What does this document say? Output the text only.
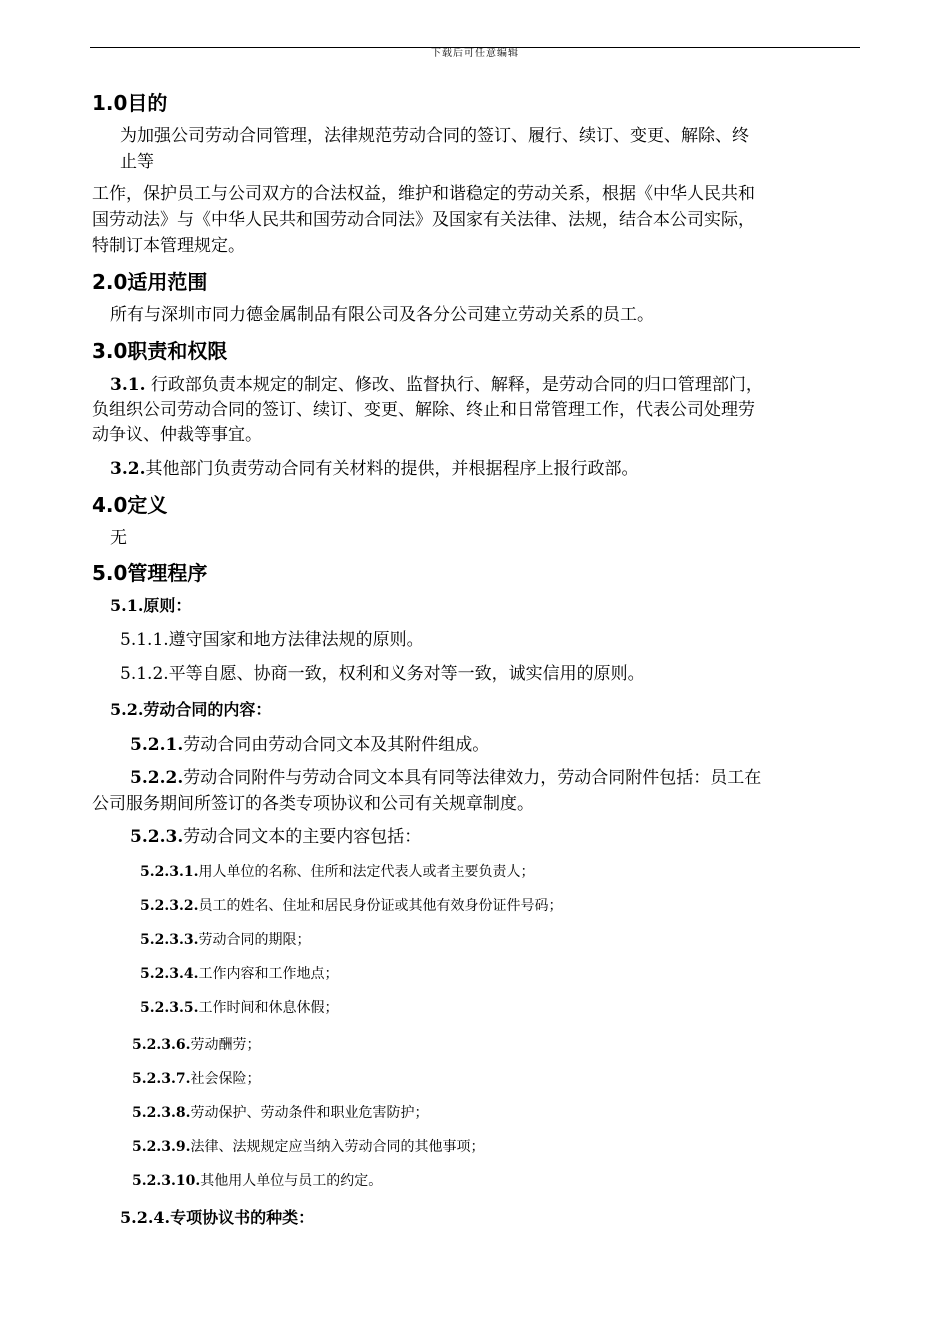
下载后可任意编辑
1.0目的
为加强公司劳动合同管理，法律规范劳动合同的签订、履行、续订、变更、解除、终
止等
工作，保护员工与公司双方的合法权益，维护和谐稳定的劳动关系，根据《中华人民共和
国劳动法》与《中华人民共和国劳动合同法》及国家有关法律、法规，结合本公司实际，
特制订本管理规定。
2.0适用范围
所有与深圳市同力德金属制品有限公司及各分公司建立劳动关系的员工。
3.0职责和权限
3.1. 行政部负责本规定的制定、修改、监督执行、解释，是劳动合同的归口管理部门，
负组织公司劳动合同的签订、续订、变更、解除、终止和日常管理工作，代表公司处理劳
动争议、仲裁等事宜。
3.2.其他部门负责劳动合同有关材料的提供，并根据程序上报行政部。
4.0定义
无
5.0管理程序
5.1.原则：
5.1.1.遵守国家和地方法律法规的原则。
5.1.2.平等自愿、协商一致，权利和义务对等一致，诚实信用的原则。
5.2.劳动合同的内容：
5.2.1.劳动合同由劳动合同文本及其附件组成。
5.2.2.劳动合同附件与劳动合同文本具有同等法律效力，劳动合同附件包括：员工在
公司服务期间所签订的各类专项协议和公司有关规章制度。
5.2.3.劳动合同文本的主要内容包括：
5.2.3.1.用人单位的名称、住所和法定代表人或者主要负责人；
5.2.3.2.员工的姓名、住址和居民身份证或其他有效身份证件号码；
5.2.3.3.劳动合同的期限；
5.2.3.4.工作内容和工作地点；
5.2.3.5.工作时间和休息休假；
5.2.3.6.劳动酬劳；
5.2.3.7.社会保险；
5.2.3.8.劳动保护、劳动条件和职业危害防护；
5.2.3.9.法律、法规规定应当纳入劳动合同的其他事项；
5.2.3.10.其他用人单位与员工的约定。
5.2.4.专项协议书的种类：
